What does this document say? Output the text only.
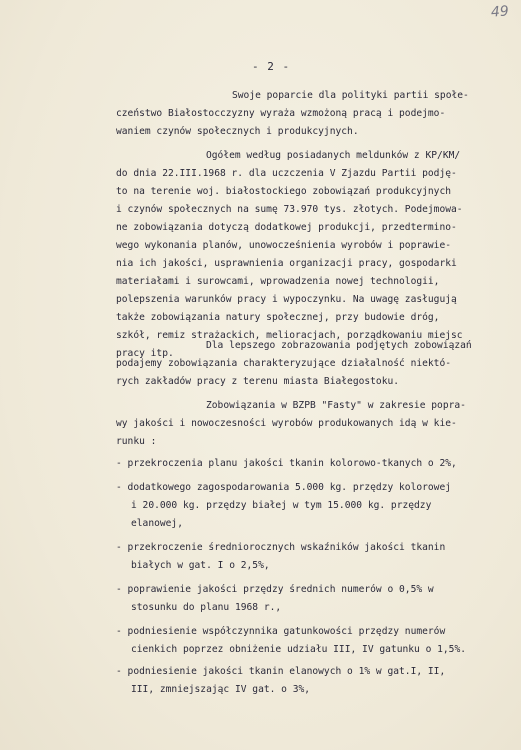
49
- 2 -
Swoje poparcie dla polityki partii społe-
czeństwo Białostocczyzny wyraża wzmożoną pracą i podejmo-
waniem czynów społecznych i produkcyjnych.
Ogółem według posiadanych meldunków z KP/KM/
do dnia 22.III.1968 r. dla uczczenia V Zjazdu Partii podję-
to na terenie woj. białostockiego zobowiązań produkcyjnych
i czynów społecznych na sumę 73.970 tys. złotych. Podejmowa-
ne zobowiązania dotyczą dodatkowej produkcji, przedtermino-
wego wykonania planów, unowocześnienia wyrobów i poprawie-
nia ich jakości, usprawnienia organizacji pracy, gospodarki
materiałami i surowcami, wprowadzenia nowej technologii,
polepszenia warunków pracy i wypoczynku. Na uwagę zasługują
także zobowiązania natury społecznej, przy budowie dróg,
szkół, remiz strażackich, melioracjach, porządkowaniu miejsc
pracy itp.
Dla lepszego zobrazowania podjętych zobowiązań
podajemy zobowiązania charakteryzujące działalność niektó-
rych zakładów pracy z terenu miasta Białegostoku.
Zobowiązania w BZPB "Fasty" w zakresie popra-
wy jakości i nowoczesności wyrobów produkowanych idą w kie-
runku :
- przekroczenia planu jakości tkanin kolorowo-tkanych o 2%,
- dodatkowego zagospodarowania 5.000 kg. przędzy kolorowej
i 20.000 kg. przędzy białej w tym 15.000 kg. przędzy
elanowej,
- przekroczenie średniorocznych wskaźników jakości tkanin
białych w gat. I o 2,5%,
- poprawienie jakości przędzy średnich numerów o 0,5% w
stosunku do planu 1968 r.,
- podniesienie współczynnika gatunkowości przędzy numerów
cienkich poprzez obniżenie udziału III, IV gatunku o 1,5%.
- podniesienie jakości tkanin elanowych o 1% w gat.I, II,
III, zmniejszając IV gat. o 3%,
